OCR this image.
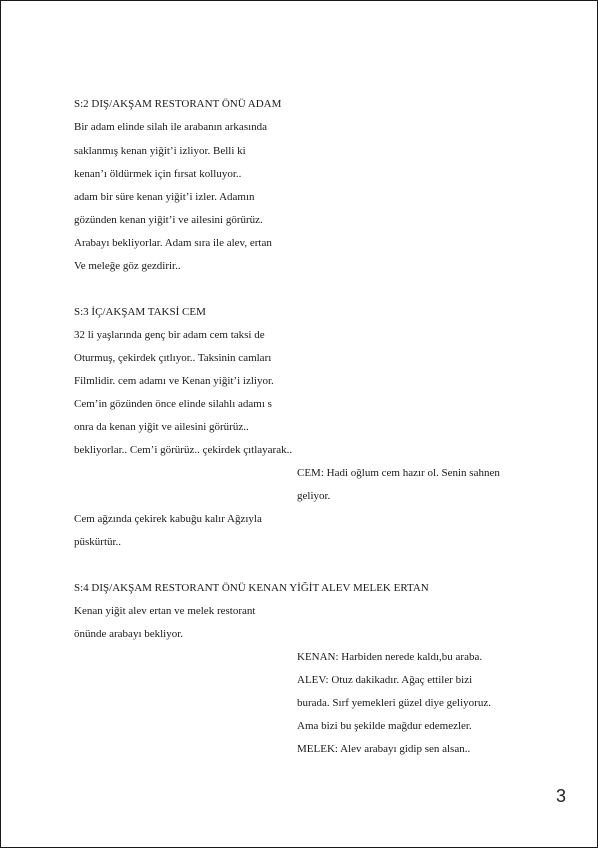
S:2 DIŞ/AKŞAM RESTORANT ÖNÜ ADAM
Bir adam elinde silah ile arabanın arkasında
saklanmış kenan yiğit’i izliyor. Belli ki
kenan’ı öldürmek için fırsat kolluyor..
adam bir süre kenan yiğit’i izler. Adamın
gözünden kenan yiğit’i ve ailesini görürüz.
Arabayı bekliyorlar. Adam sıra ile alev, ertan
Ve meleğe göz gezdirir..
S:3 İÇ/AKŞAM TAKSİ CEM
32 li yaşlarında genç bir adam cem taksi de
Oturmuş, çekirdek çıtlıyor.. Taksinin camları
Filmlidir. cem adamı ve Kenan yiğit’i izliyor.
Cem’in gözünden önce elinde silahlı adamı s
onra da kenan yiğit ve ailesini görürüz..
bekliyorlar.. Cem’i görürüz.. çekirdek çıtlayarak..
CEM: Hadi oğlum cem hazır ol. Senin sahnen
geliyor.
Cem ağzında çekirek kabuğu kalır Ağzıyla
püskürtür..
S:4 DIŞ/AKŞAM RESTORANT ÖNÜ KENAN YİĞİT ALEV MELEK ERTAN
Kenan yiğit alev ertan ve melek restorant
önünde arabayı bekliyor.
KENAN: Harbiden nerede kaldı,bu araba.
ALEV: Otuz dakikadır. Ağaç ettiler bizi
burada. Sırf yemekleri güzel diye geliyoruz.
Ama bizi bu şekilde mağdur edemezler.
MELEK: Alev arabayı gidip sen alsan..
3
